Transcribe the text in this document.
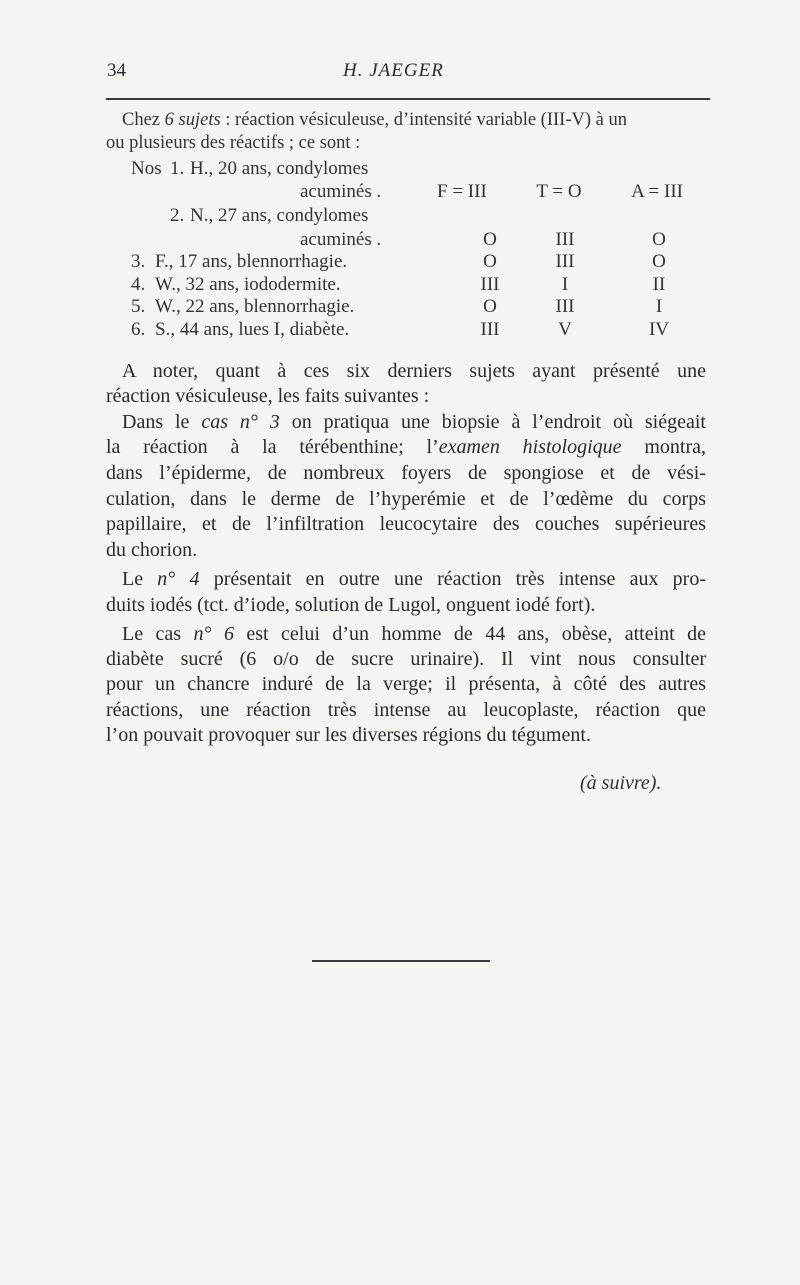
34	H. JAEGER
Chez 6 sujets : réaction vésiculeuse, d’intensité variable (III-V) à un
ou plusieurs des réactifs ; ce sont :
Nos 1. H., 20 ans, condylomes
acuminés .	F = III	T = O	A = III
2. N., 27 ans, condylomes
acuminés .	O	III	O
3. F., 17 ans, blennorrhagie.	O	III	O
4. W., 32 ans, iododermite.	III	I	II
5. W., 22 ans, blennorrhagie.	O	III	I
6. S., 44 ans, lues I, diabète.	III	V	IV
A noter, quant à ces six derniers sujets ayant présenté une
réaction vésiculeuse, les faits suivantes :
Dans le cas n° 3 on pratiqua une biopsie à l’endroit où siégeait
la réaction à la térébenthine; l’examen histologique montra,
dans l’épiderme, de nombreux foyers de spongiose et de vési-
culation, dans le derme de l’hyperémie et de l’œdème du corps
papillaire, et de l’infiltration leucocytaire des couches supérieures
du chorion.
Le n° 4 présentait en outre une réaction très intense aux pro-
duits iodés (tct. d’iode, solution de Lugol, onguent iodé fort).
Le cas n° 6 est celui d’un homme de 44 ans, obèse, atteint de
diabète sucré (6 o/o de sucre urinaire). Il vint nous consulter
pour un chancre induré de la verge; il présenta, à côté des autres
réactions, une réaction très intense au leucoplaste, réaction que
l’on pouvait provoquer sur les diverses régions du tégument.
(à suivre).
